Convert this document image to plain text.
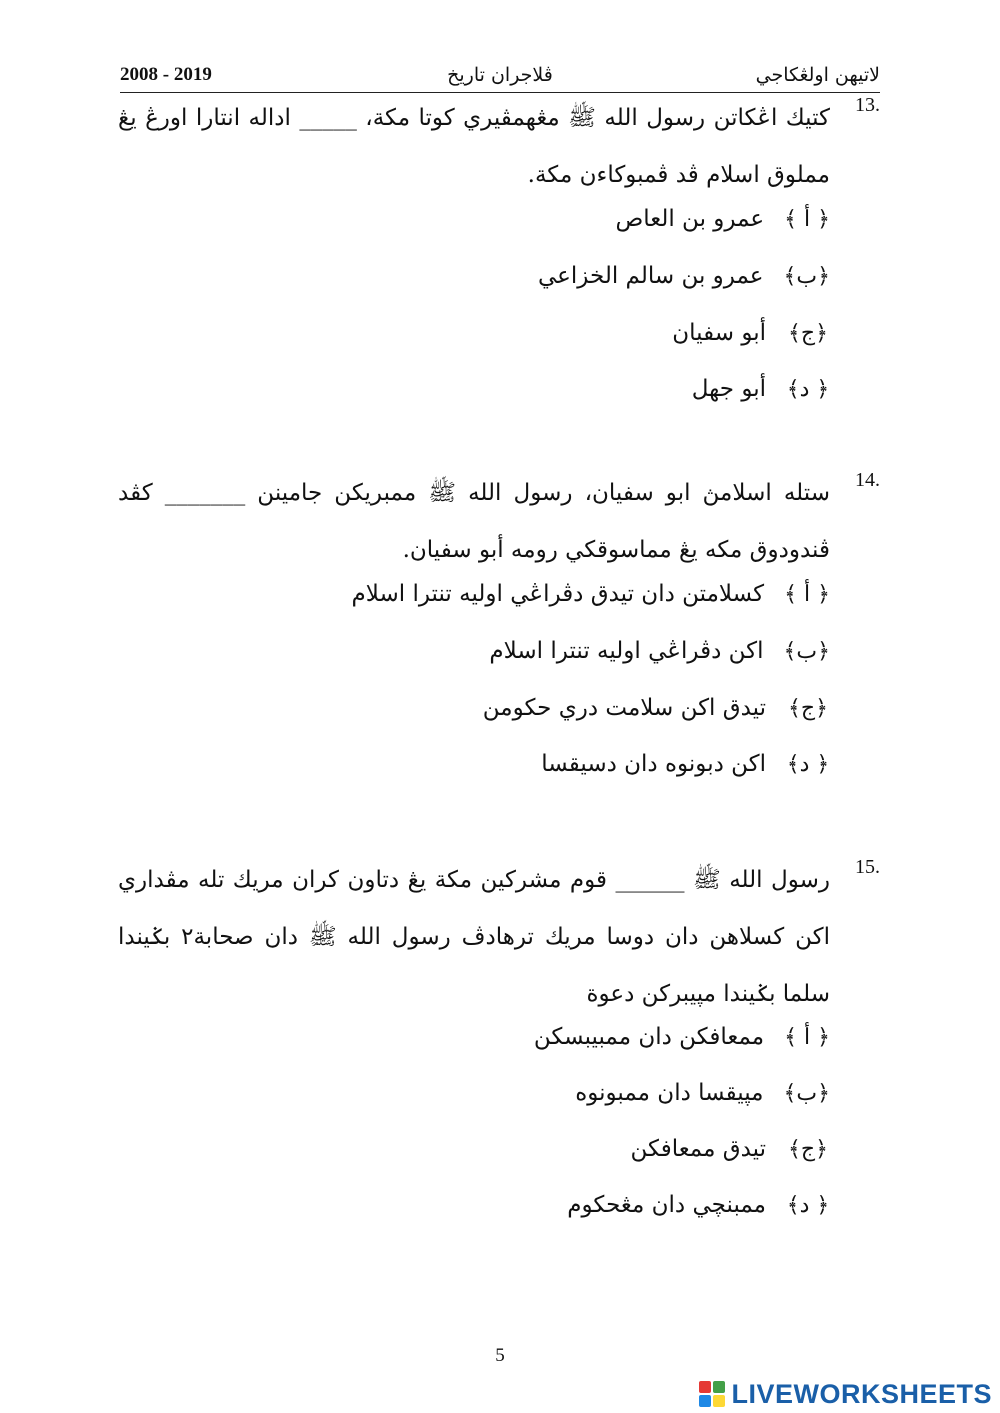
2008 - 2019	ڤلاجران تاريخ	لاتيهن اولڠكاجي
13.
كتيك اڠكاتن رسول الله ﷺ مڠهمڤيري كوتا مكة، _____ اداله انتارا اورڠ يڠ مملوق اسلام ڤد ڤمبوكاءن مكة.
﴿ أ ﴾
عمرو بن العاص
﴿ب﴾
عمرو بن سالم الخزاعي
﴿ج﴾
أبو سفيان
﴿ د﴾
أبو جهل
14.
ستله اسلامڽ ابو سفيان، رسول الله ﷺ ممبريكن جامينن _______ كڤد ڤندودوق مكه يڠ مماسوقكي رومه أبو سفيان.
﴿ أ ﴾
كسلامتن دان تيدق دڤراڠي اوليه تنترا اسلام
﴿ب﴾
اكن دڤراڠي اوليه تنترا اسلام
﴿ج﴾
تيدق اكن سلامت دري حكومن
﴿ د﴾
اكن دبونوه دان دسيقسا
15.
رسول الله ﷺ ______ قوم مشركين مكة يڠ دتاون كران مريك تله مڤداري اكن كسلاهن دان دوسا مريك ترهادڤ رسول الله ﷺ دان صحابة٢ بݢيندا سلما بݢيندا مڽيبركن دعوة
﴿ أ ﴾
ممعافكن دان ممبيبسكن
﴿ب﴾
مڽيقسا دان ممبونوه
﴿ج﴾
تيدق ممعافكن
﴿ د﴾
ممبنچي دان مڠحكوم
5
LIVEWORKSHEETS
